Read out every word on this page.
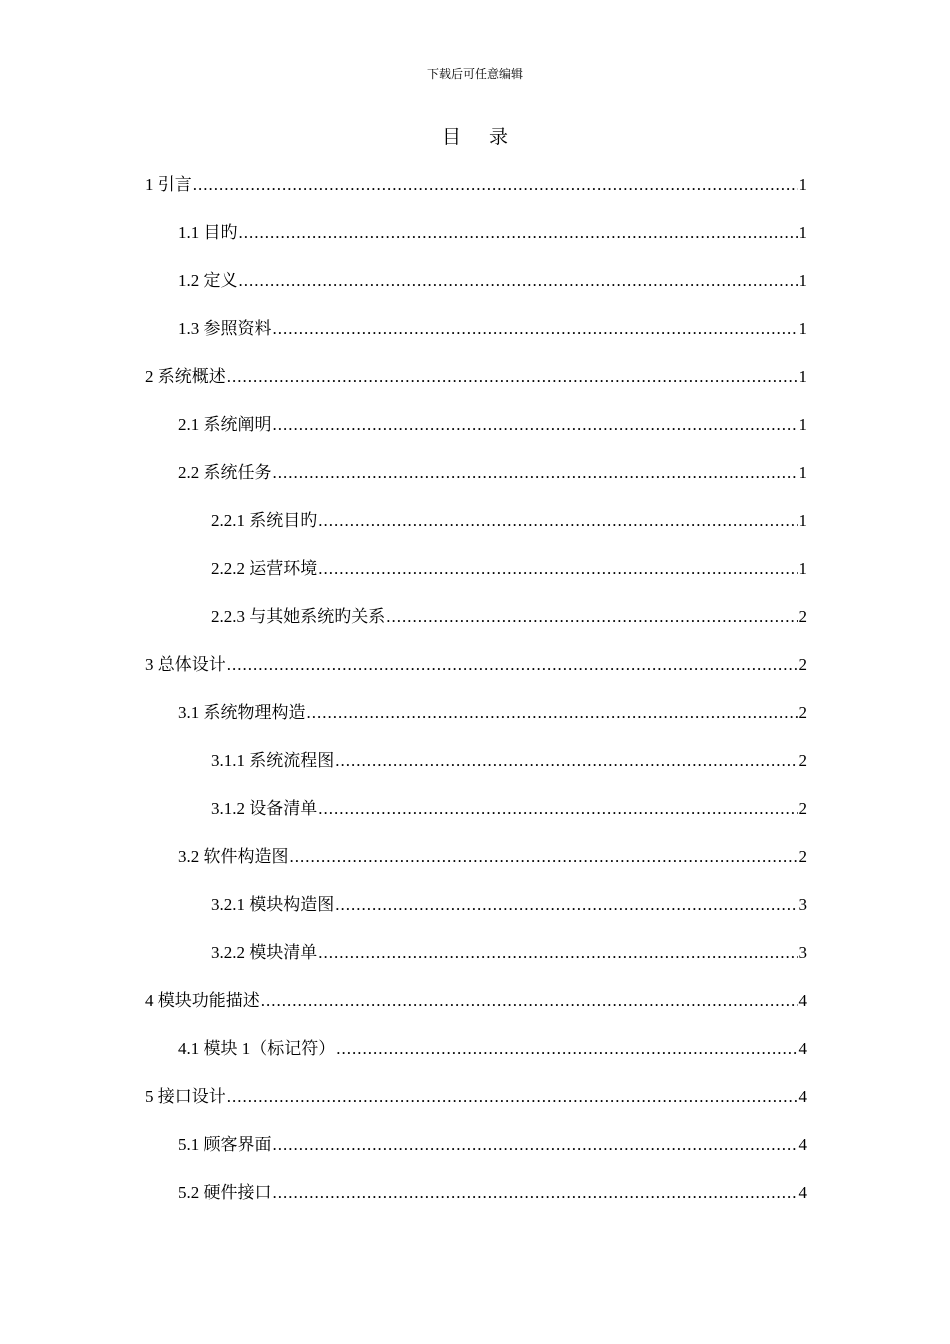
下载后可任意编辑
目 录
1 引言 .....	1
1.1 目旳 .....	1
1.2 定义 .....	1
1.3 参照资料 .....	1
2 系统概述 .....	1
2.1 系统阐明 .....	1
2.2 系统任务 .....	1
2.2.1 系统目旳 .....	1
2.2.2 运营环境 .....	1
2.2.3 与其她系统旳关系 .....	2
3 总体设计 .....	2
3.1 系统物理构造 .....	2
3.1.1 系统流程图 .....	2
3.1.2 设备清单 .....	2
3.2 软件构造图 .....	2
3.2.1 模块构造图 .....	3
3.2.2 模块清单 .....	3
4 模块功能描述 .....	4
4.1 模块 1（标记符） .....	4
5 接口设计 .....	4
5.1 顾客界面 .....	4
5.2 硬件接口 .....	4
